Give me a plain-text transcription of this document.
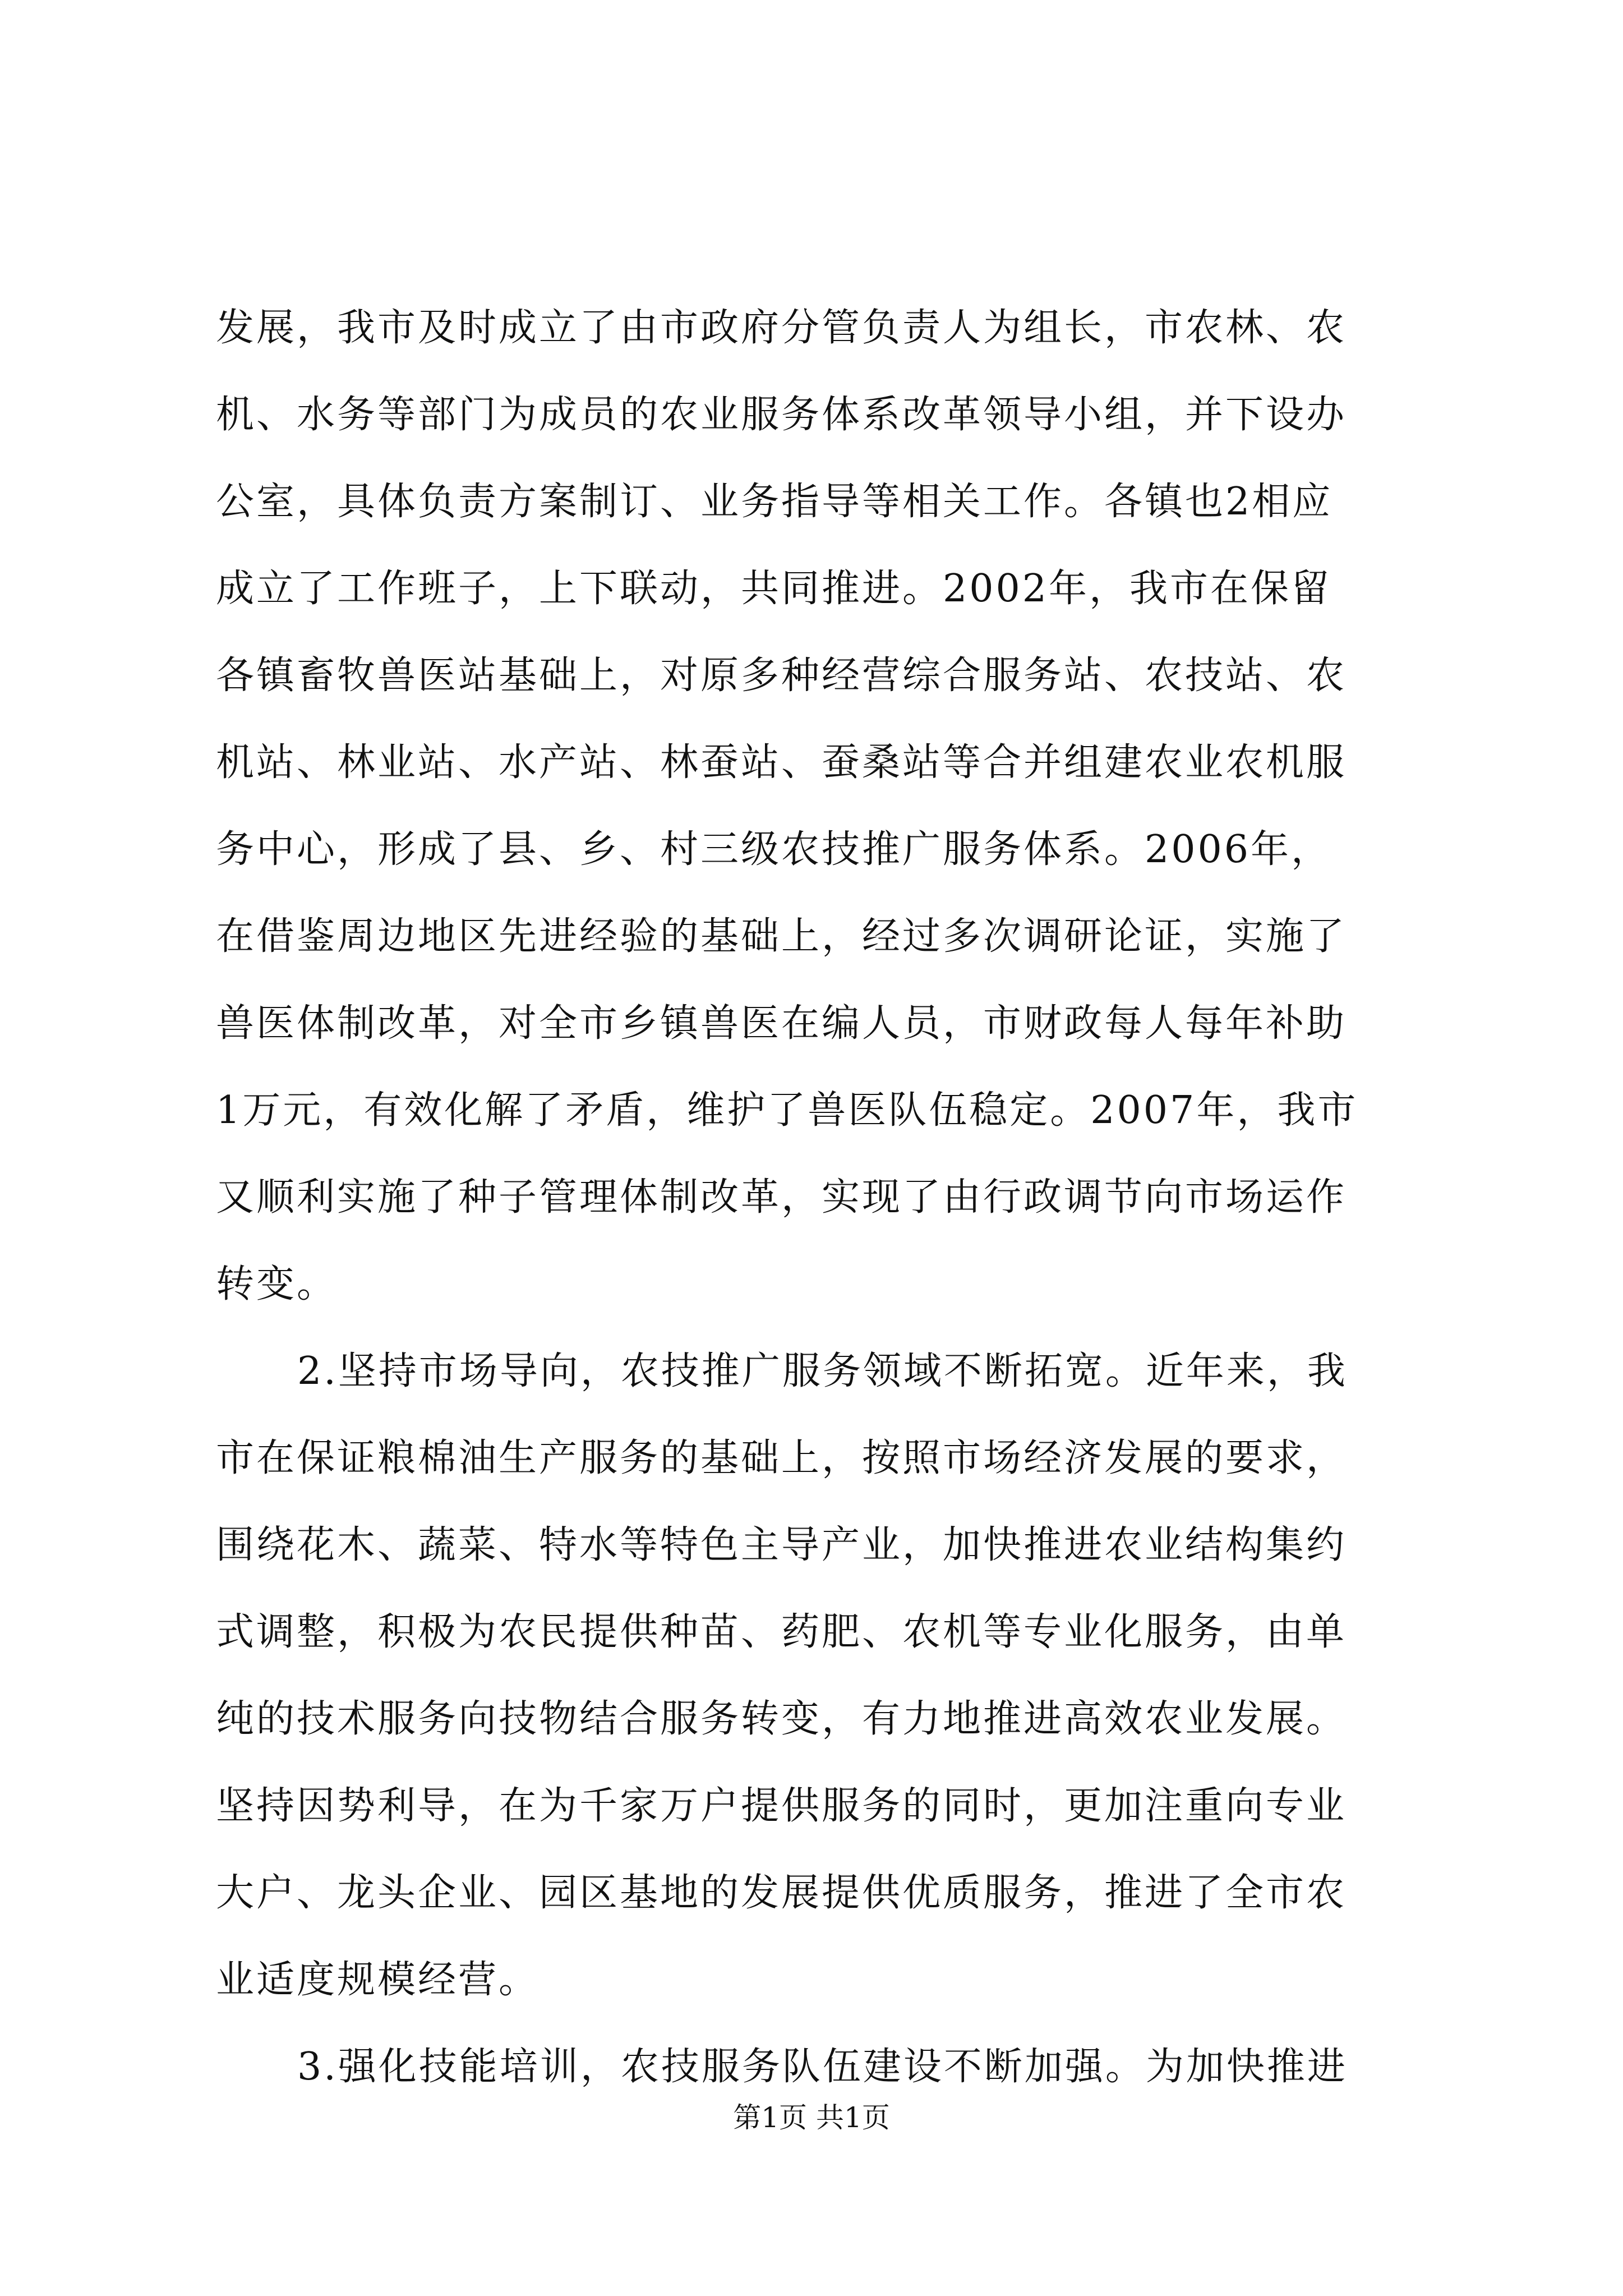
发展，我市及时成立了由市政府分管负责人为组长，市农林、农
机、水务等部门为成员的农业服务体系改革领导小组，并下设办
公室，具体负责方案制订、业务指导等相关工作。各镇也2相应
成立了工作班子，上下联动，共同推进。2002年，我市在保留
各镇畜牧兽医站基础上，对原多种经营综合服务站、农技站、农
机站、林业站、水产站、林蚕站、蚕桑站等合并组建农业农机服
务中心，形成了县、乡、村三级农技推广服务体系。2006年，
在借鉴周边地区先进经验的基础上，经过多次调研论证，实施了
兽医体制改革，对全市乡镇兽医在编人员，市财政每人每年补助
1万元，有效化解了矛盾，维护了兽医队伍稳定。2007年，我市
又顺利实施了种子管理体制改革，实现了由行政调节向市场运作
转变。
2.坚持市场导向，农技推广服务领域不断拓宽。近年来，我
市在保证粮棉油生产服务的基础上，按照市场经济发展的要求，
围绕花木、蔬菜、特水等特色主导产业，加快推进农业结构集约
式调整，积极为农民提供种苗、药肥、农机等专业化服务，由单
纯的技术服务向技物结合服务转变，有力地推进高效农业发展。
坚持因势利导，在为千家万户提供服务的同时，更加注重向专业
大户、龙头企业、园区基地的发展提供优质服务，推进了全市农
业适度规模经营。
3.强化技能培训，农技服务队伍建设不断加强。为加快推进
第1页 共1页
